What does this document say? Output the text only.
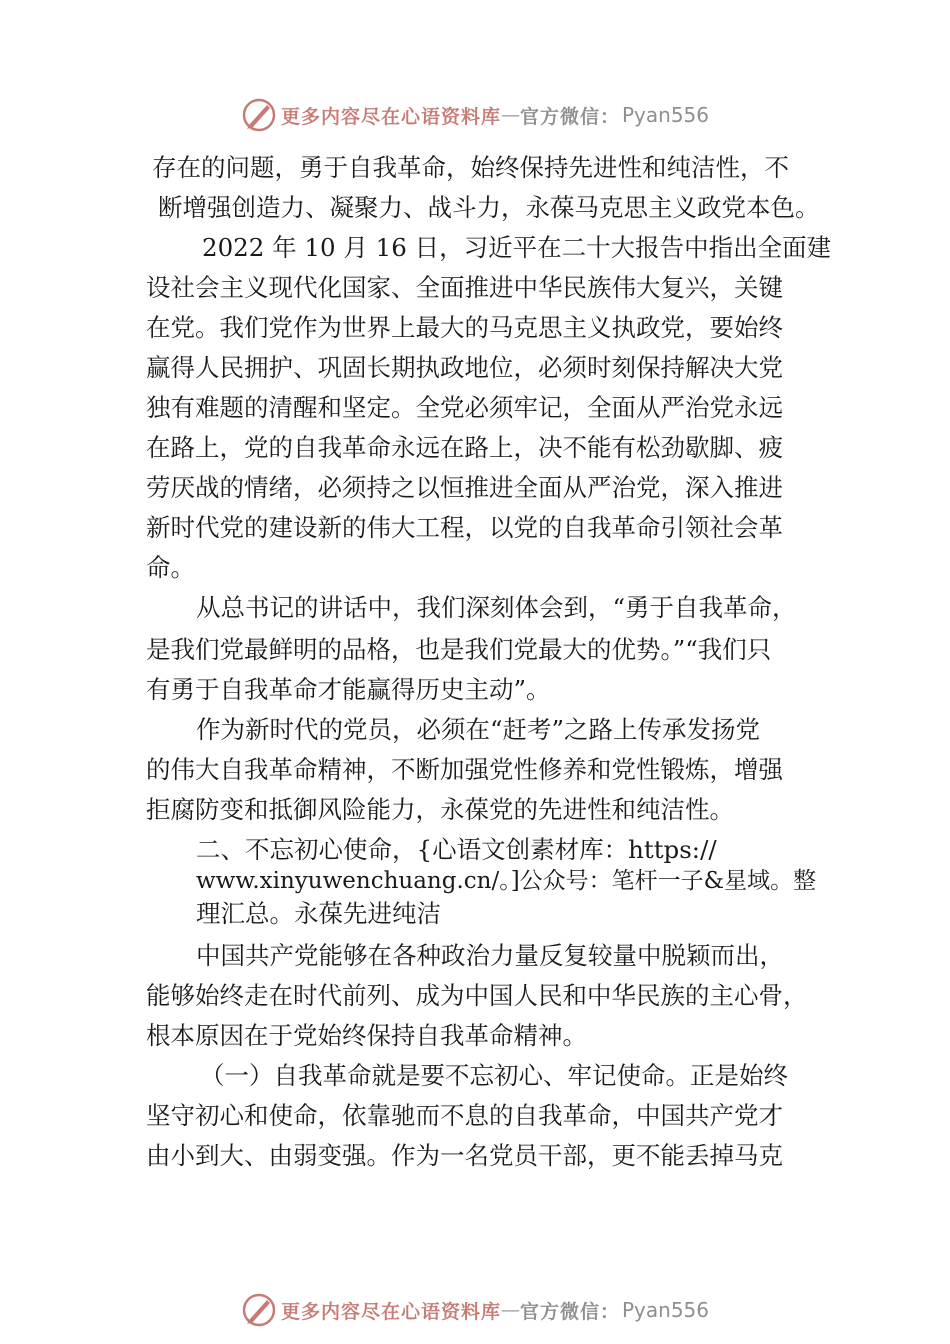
更多内容尽在心语资料库 — 官方微信： Pyan556
存在的问题，勇于自我革命，始终保持先进性和纯洁性，不
断增强创造力、凝聚力、战斗力，永葆马克思主义政党本色。
2022 年 10 月 16 日，习近平在二十大报告中指出全面建
设社会主义现代化国家、全面推进中华民族伟大复兴，关键
在党。我们党作为世界上最大的马克思主义执政党，要始终
赢得人民拥护、巩固长期执政地位，必须时刻保持解决大党
独有难题的清醒和坚定。全党必须牢记，全面从严治党永远
在路上，党的自我革命永远在路上，决不能有松劲歇脚、疲
劳厌战的情绪，必须持之以恒推进全面从严治党，深入推进
新时代党的建设新的伟大工程，以党的自我革命引领社会革
命。
从总书记的讲话中，我们深刻体会到，“勇于自我革命，
是我们党最鲜明的品格，也是我们党最大的优势。”“我们只
有勇于自我革命才能赢得历史主动”。
作为新时代的党员，必须在“赶考”之路上传承发扬党
的伟大自我革命精神，不断加强党性修养和党性锻炼，增强
拒腐防变和抵御风险能力，永葆党的先进性和纯洁性。
二、不忘初心使命，{心语文创素材库：https://
www.xinyuwenchuang.cn/。]公众号：笔杆一子&星域。整
理汇总。永葆先进纯洁
中国共产党能够在各种政治力量反复较量中脱颖而出，
能够始终走在时代前列、成为中国人民和中华民族的主心骨，
根本原因在于党始终保持自我革命精神。
（一）自我革命就是要不忘初心、牢记使命。正是始终
坚守初心和使命，依靠驰而不息的自我革命，中国共产党才
由小到大、由弱变强。作为一名党员干部，更不能丢掉马克
更多内容尽在心语资料库 — 官方微信： Pyan556
